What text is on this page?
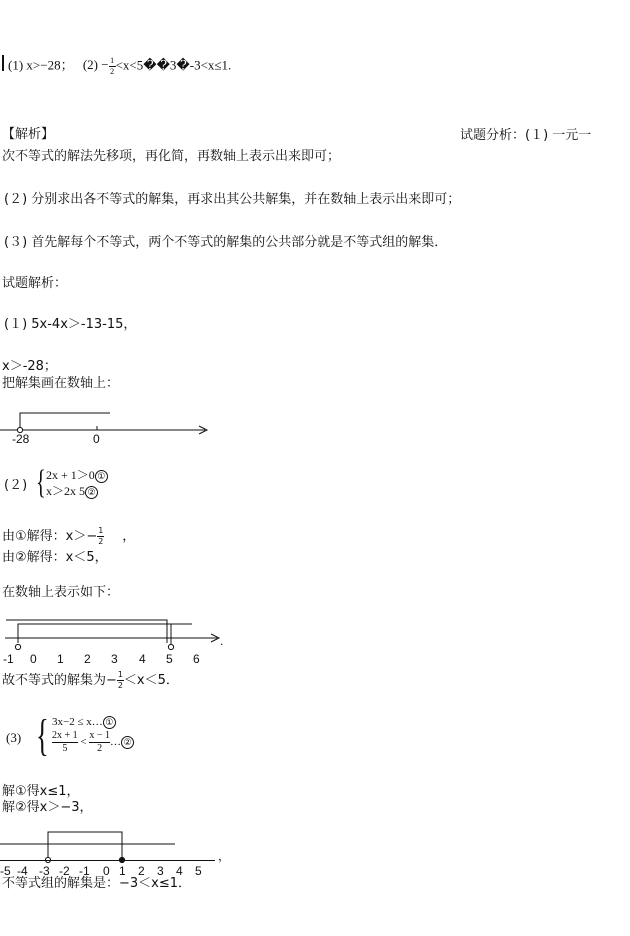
(1) x>−28； $(2) - \frac{1}{2}$ <x<5��3�-3<x≤1.
【解析】	试题分析：(１) 一元一
次不等式的解法先移项，再化简，再数轴上表示出来即可；
(２) 分别求出各不等式的解集，再求出其公共解集，并在数轴上表示出来即可；
(３) 首先解每个不等式，两个不等式的解集的公共部分就是不等式组的解集．
试题解析：
(１) 5x-4x＞-13-15，
x＞-28；
把解集画在数轴上：
-28	0
(２) { 2x + 1＞0 ①
x＞2x 5 ②
由①解得：$x>- \frac{1}{2}$ ，
由②解得：x＜5，
在数轴上表示如下：
-1 0 1 2 3 4 5 6
.
故不等式的解集为− $\frac{1}{2} <x<5$．
(3) { 3x−2 ≤ x… ①
$\frac{2x + 1}{5} < \frac{x - 1}{2}$ … ②
解①得x≤1，
解②得x＞−3，
-5 -4 -3 -2 -1 0 1 2 3 4 5
，
不等式组的解集是：−3＜x≤1．
